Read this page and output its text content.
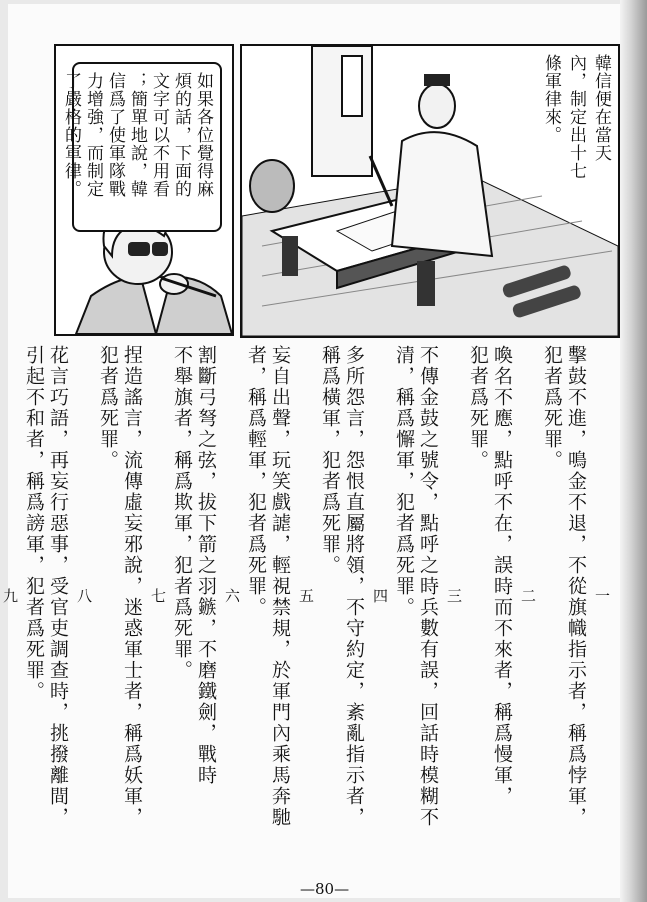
如果各位覺得麻
煩的話，下面的
文字可以不用看
；簡單地說，韓
信爲了使軍隊戰
力增強，而制定
了嚴格的軍律。	韓信便在當天
內，制定出十七
條軍律來。
一
擊鼓不進，鳴金不退，不從旗幟指示者，稱爲悖軍，
犯者爲死罪。
二
喚名不應，點呼不在，誤時而不來者，稱爲慢軍，
犯者爲死罪。
三
不傳金鼓之號令，點呼之時兵數有誤，回話時模糊不
清，稱爲懈軍，犯者爲死罪。
四
多所怨言，怨恨直屬將領，不守約定，紊亂指示者，
稱爲橫軍，犯者爲死罪。
五
妄自出聲，玩笑戲謔，輕視禁規，於軍門內乘馬奔馳
者，稱爲輕軍，犯者爲死罪。
六
割斷弓弩之弦，拔下箭之羽鏃，不磨鐵劍，戰時
不舉旗者，稱爲欺軍，犯者爲死罪。
七
捏造謠言，流傳虛妄邪說，迷惑軍士者，稱爲妖軍，
犯者爲死罪。
八
花言巧語，再妄行惡事，受官吏調查時，挑撥離間，
引起不和者，稱爲謗軍，犯者爲死罪。
九
—80—
